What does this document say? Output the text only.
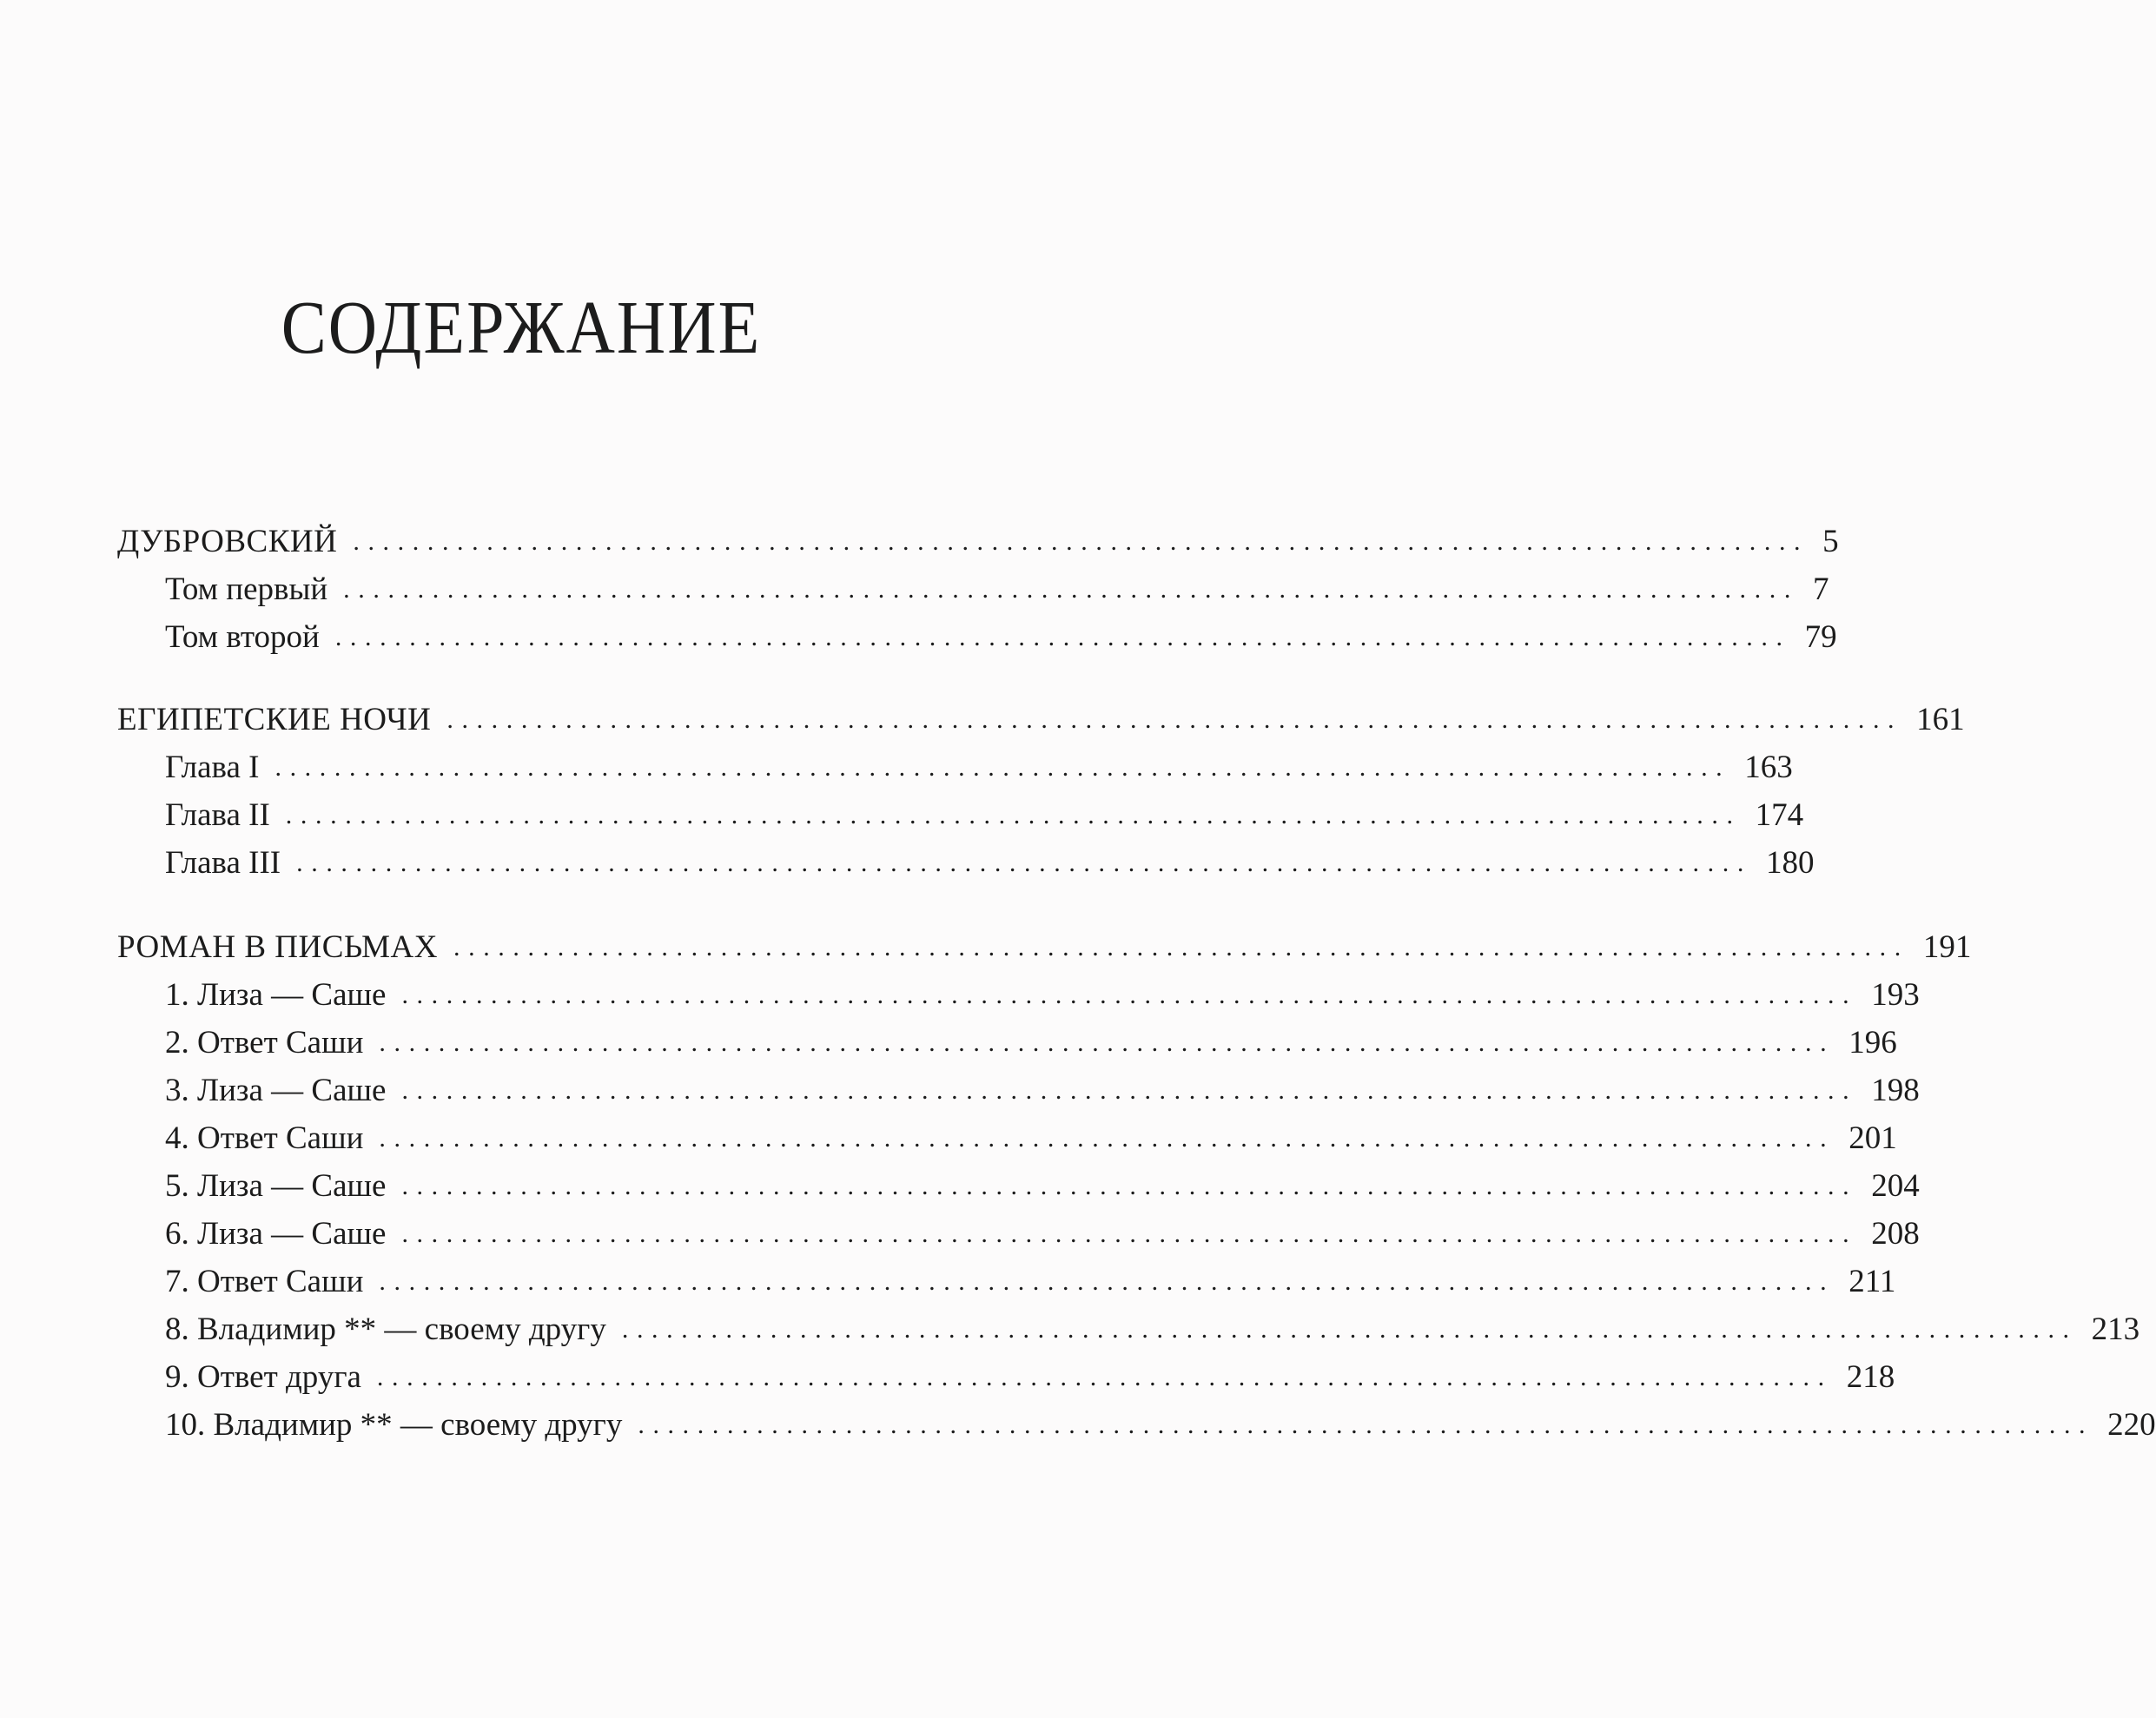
СОДЕРЖАНИЕ
ДУБРОВСКИЙ .................................................................................................. 5
Том первый .................................................................................................. 7
Том второй .................................................................................................. 79
ЕГИПЕТСКИЕ НОЧИ .................................................................................................. 161
Глава I .................................................................................................. 163
Глава II .................................................................................................. 174
Глава III .................................................................................................. 180
РОМАН В ПИСЬМАХ .................................................................................................. 191
1. Лиза — Саше .................................................................................................. 193
2. Ответ Саши .................................................................................................. 196
3. Лиза — Саше .................................................................................................. 198
4. Ответ Саши .................................................................................................. 201
5. Лиза — Саше .................................................................................................. 204
6. Лиза — Саше .................................................................................................. 208
7. Ответ Саши .................................................................................................. 211
8. Владимир ** — своему другу .................................................................................................. 213
9. Ответ друга .................................................................................................. 218
10. Владимир ** — своему другу .................................................................................................. 220
